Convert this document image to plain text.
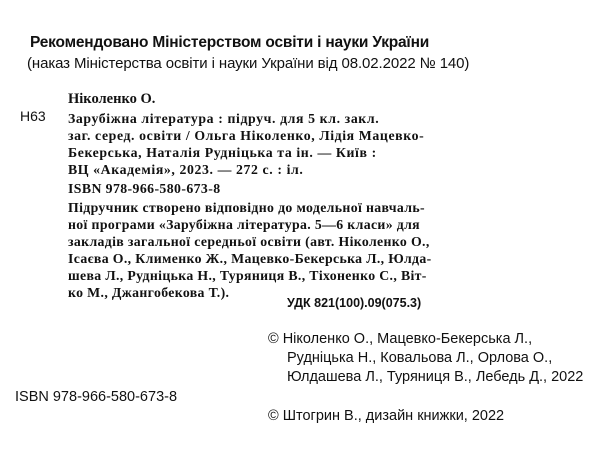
Рекомендовано Міністерством освіти і науки України
(наказ Міністерства освіти і науки України від 08.02.2022 № 140)
Н63
Ніколенко О.
Зарубіжна література : підруч. для 5 кл. закл.
заг. серед. освіти / Ольга Ніколенко, Лідія Мацевко-
Бекерська, Наталія Рудніцька та ін. — Київ :
ВЦ «Академія», 2023. — 272 с. : іл.
ISBN 978-966-580-673-8
Підручник створено відповідно до модельної навчаль-
ної програми «Зарубіжна література. 5—6 класи» для
закладів загальної середньої освіти (авт. Ніколенко О.,
Ісаєва О., Клименко Ж., Мацевко-Бекерська Л., Юлда-
шева Л., Рудніцька Н., Туряниця В., Тіхоненко С., Віт-
ко М., Джангобекова Т.).
УДК 821(100).09(075.3)
© Ніколенко О., Мацевко-Бекерська Л.,
Рудніцька Н., Ковальова Л., Орлова О.,
Юлдашева Л., Туряниця В., Лебедь Д., 2022
© Штогрин В., дизайн книжки, 2022
ISBN 978-966-580-673-8
